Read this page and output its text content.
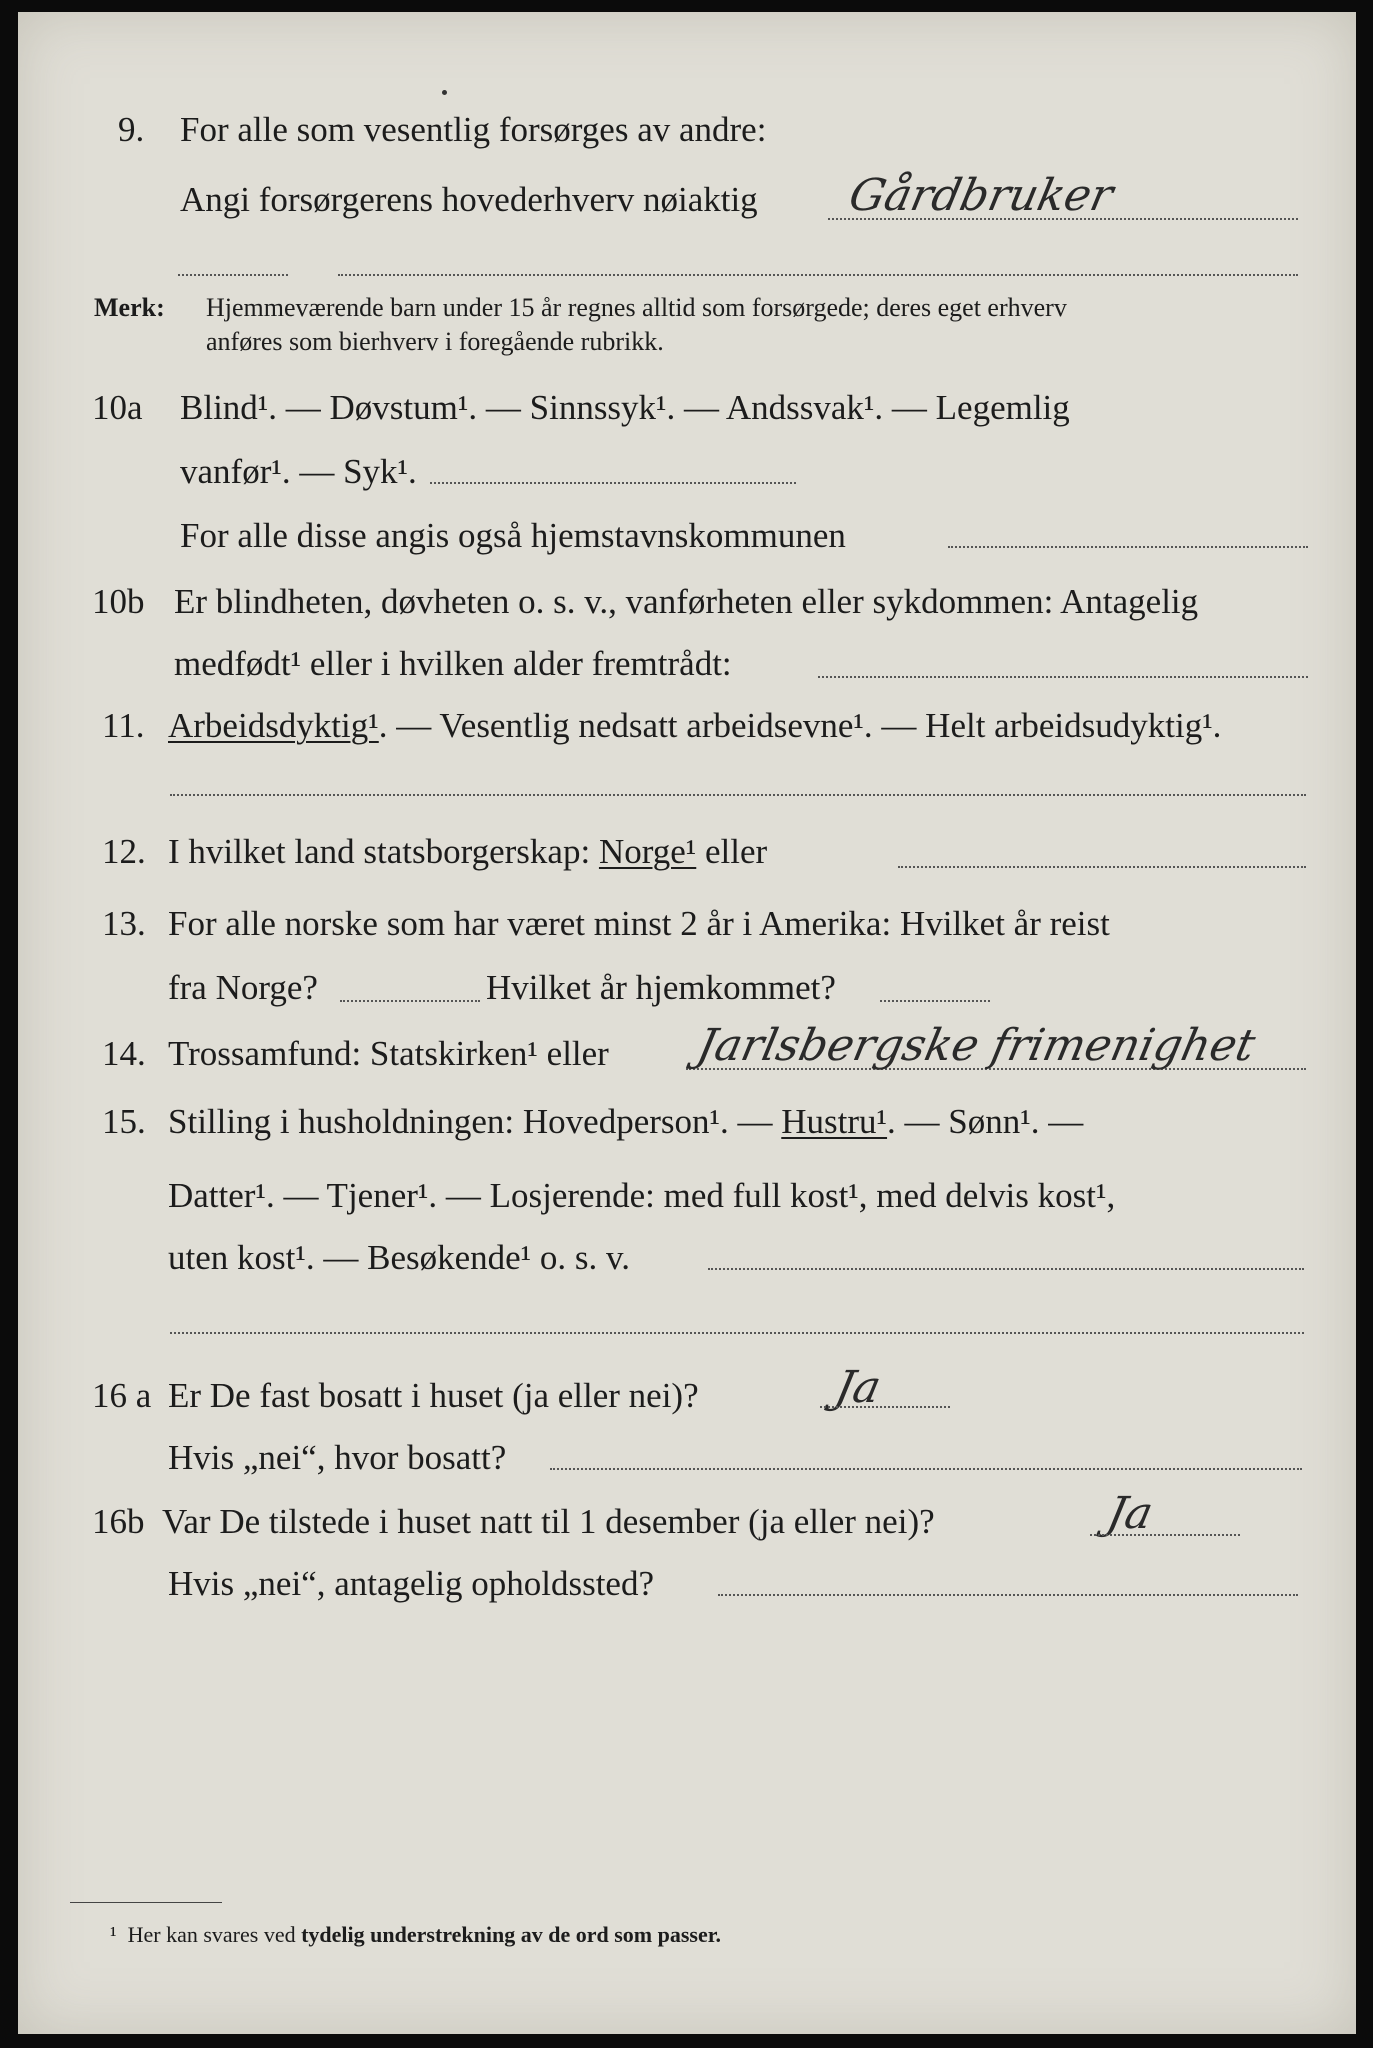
9. For alle som vesentlig forsørges av andre:

Angi forsørgerens hovederhverv nøiaktig Gårdbruker

Merk: Hjemmeværende barn under 15 år regnes alltid som forsørgede; deres eget erhverv

anføres som bierhverv i foregående rubrikk.

10a Blind¹. — Døvstum¹. — Sinnssyk¹. — Andssvak¹. — Legemlig

vanfør¹. — Syk¹.

For alle disse angis også hjemstavnskommunen

10b Er blindheten, døvheten o. s. v., vanførheten eller sykdommen: Antagelig

medfødt¹ eller i hvilken alder fremtrådt:

11. Arbeidsdyktig¹. — Vesentlig nedsatt arbeidsevne¹. — Helt arbeidsudyktig¹.

12. I hvilket land statsborgerskap: Norge¹ eller

13. For alle norske som har været minst 2 år i Amerika: Hvilket år reist

fra Norge?	Hvilket år hjemkommet?

14. Trossamfund: Statskirken¹ eller Jarlsbergske frimenighet

15. Stilling i husholdningen: Hovedperson¹. — Hustru¹. — Sønn¹. —

Datter¹. — Tjener¹. — Losjerende: med full kost¹, med delvis kost¹,

uten kost¹. — Besøkende¹ o. s. v.

16 a Er De fast bosatt i huset (ja eller nei)?	Ja

Hvis „nei“, hvor bosatt?

16b Var De tilstede i huset natt til 1 desember (ja eller nei)?	Ja

Hvis „nei“, antagelig opholdssted?

¹ Her kan svares ved tydelig understrekning av de ord som passer.
